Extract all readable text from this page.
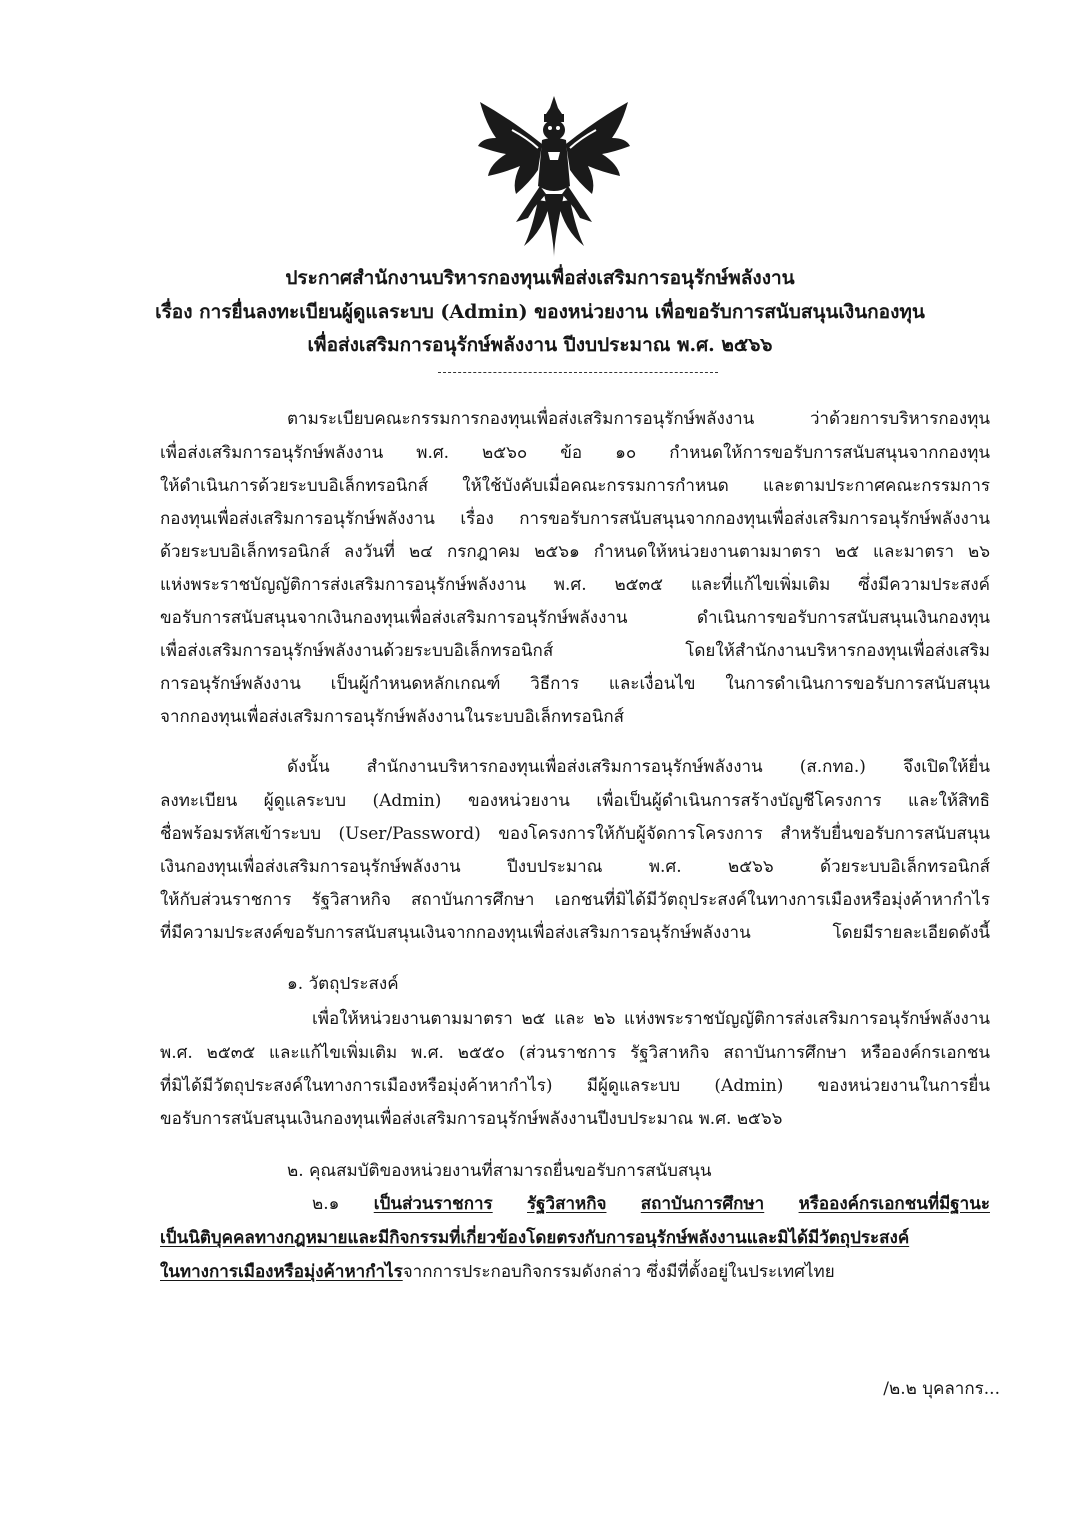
ประกาศสำนักงานบริหารกองทุนเพื่อส่งเสริมการอนุรักษ์พลังงาน
เรื่อง การยื่นลงทะเบียนผู้ดูแลระบบ (Admin) ของหน่วยงาน เพื่อขอรับการสนับสนุนเงินกองทุน
เพื่อส่งเสริมการอนุรักษ์พลังงาน ปีงบประมาณ พ.ศ. ๒๕๖๖
ตามระเบียบคณะกรรมการกองทุนเพื่อส่งเสริมการอนุรักษ์พลังงาน ว่าด้วยการบริหารกองทุน
เพื่อส่งเสริมการอนุรักษ์พลังงาน พ.ศ. ๒๕๖๐ ข้อ ๑๐ กำหนดให้การขอรับการสนับสนุนจากกองทุน
ให้ดำเนินการด้วยระบบอิเล็กทรอนิกส์ ให้ใช้บังคับเมื่อคณะกรรมการกำหนด และตามประกาศคณะกรรมการ
กองทุนเพื่อส่งเสริมการอนุรักษ์พลังงาน เรื่อง การขอรับการสนับสนุนจากกองทุนเพื่อส่งเสริมการอนุรักษ์พลังงาน
ด้วยระบบอิเล็กทรอนิกส์ ลงวันที่ ๒๔ กรกฎาคม ๒๕๖๑ กำหนดให้หน่วยงานตามมาตรา ๒๕ และมาตรา ๒๖
แห่งพระราชบัญญัติการส่งเสริมการอนุรักษ์พลังงาน พ.ศ. ๒๕๓๕ และที่แก้ไขเพิ่มเติม ซึ่งมีความประสงค์
ขอรับการสนับสนุนจากเงินกองทุนเพื่อส่งเสริมการอนุรักษ์พลังงาน ดำเนินการขอรับการสนับสนุนเงินกองทุน
เพื่อส่งเสริมการอนุรักษ์พลังงานด้วยระบบอิเล็กทรอนิกส์ โดยให้สำนักงานบริหารกองทุนเพื่อส่งเสริม
การอนุรักษ์พลังงาน เป็นผู้กำหนดหลักเกณฑ์ วิธีการ และเงื่อนไข ในการดำเนินการขอรับการสนับสนุน
จากกองทุนเพื่อส่งเสริมการอนุรักษ์พลังงานในระบบอิเล็กทรอนิกส์
ดังนั้น สำนักงานบริหารกองทุนเพื่อส่งเสริมการอนุรักษ์พลังงาน (ส.กทอ.) จึงเปิดให้ยื่น
ลงทะเบียน ผู้ดูแลระบบ (Admin) ของหน่วยงาน เพื่อเป็นผู้ดำเนินการสร้างบัญชีโครงการ และให้สิทธิ
ชื่อพร้อมรหัสเข้าระบบ (User/Password) ของโครงการให้กับผู้จัดการโครงการ สำหรับยื่นขอรับการสนับสนุน
เงินกองทุนเพื่อส่งเสริมการอนุรักษ์พลังงาน ปีงบประมาณ พ.ศ. ๒๕๖๖ ด้วยระบบอิเล็กทรอนิกส์
ให้กับส่วนราชการ รัฐวิสาหกิจ สถาบันการศึกษา เอกชนที่มิได้มีวัตถุประสงค์ในทางการเมืองหรือมุ่งค้าหากำไร
ที่มีความประสงค์ขอรับการสนับสนุนเงินจากกองทุนเพื่อส่งเสริมการอนุรักษ์พลังงาน โดยมีรายละเอียดดังนี้
๑. วัตถุประสงค์
เพื่อให้หน่วยงานตามมาตรา ๒๕ และ ๒๖ แห่งพระราชบัญญัติการส่งเสริมการอนุรักษ์พลังงาน
พ.ศ. ๒๕๓๕ และแก้ไขเพิ่มเติม พ.ศ. ๒๕๕๐ (ส่วนราชการ รัฐวิสาหกิจ สถาบันการศึกษา หรือองค์กรเอกชน
ที่มิได้มีวัตถุประสงค์ในทางการเมืองหรือมุ่งค้าหากำไร) มีผู้ดูแลระบบ (Admin) ของหน่วยงานในการยื่น
ขอรับการสนับสนุนเงินกองทุนเพื่อส่งเสริมการอนุรักษ์พลังงานปีงบประมาณ พ.ศ. ๒๕๖๖
๒. คุณสมบัติของหน่วยงานที่สามารถยื่นขอรับการสนับสนุน
๒.๑ เป็นส่วนราชการ รัฐวิสาหกิจ สถาบันการศึกษา หรือองค์กรเอกชนที่มีฐานะ
เป็นนิติบุคคลทางกฎหมายและมีกิจกรรมที่เกี่ยวข้องโดยตรงกับการอนุรักษ์พลังงานและมิได้มีวัตถุประสงค์
ในทางการเมืองหรือมุ่งค้าหากำไรจากการประกอบกิจกรรมดังกล่าว ซึ่งมีที่ตั้งอยู่ในประเทศไทย
/๒.๒ บุคลากร...
